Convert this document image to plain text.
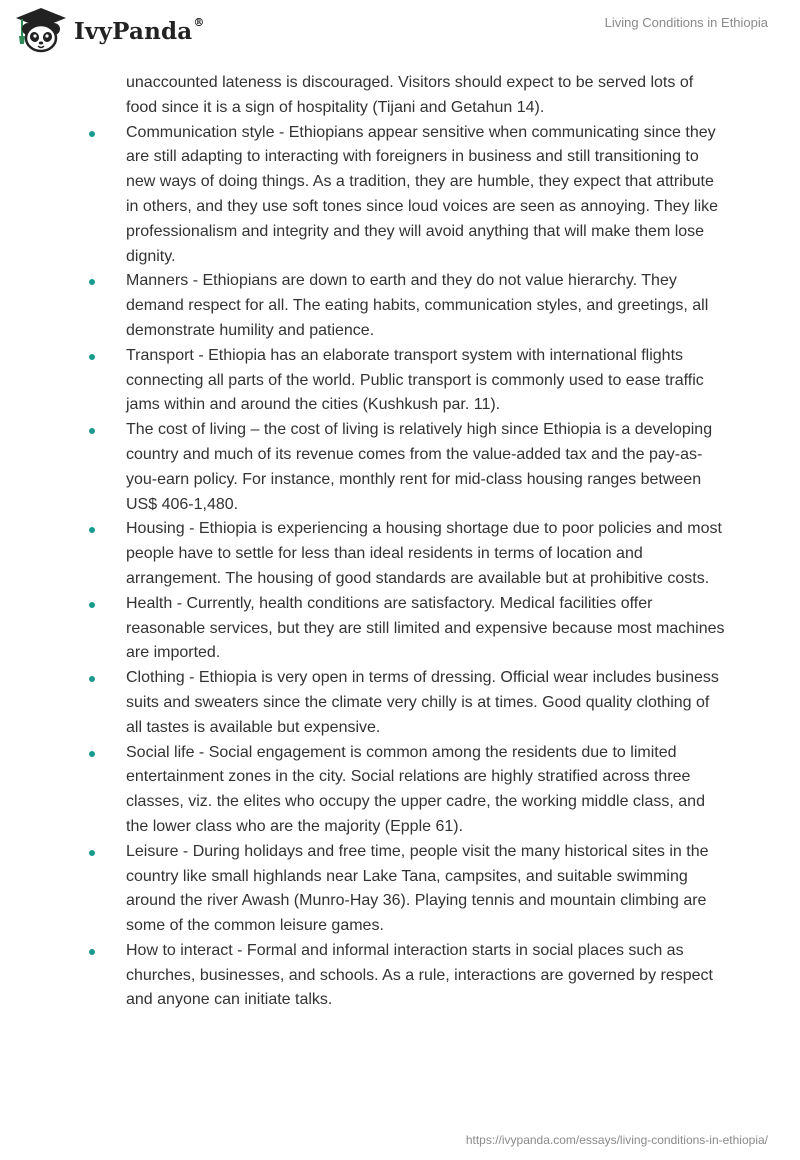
IvyPanda®	Living Conditions in Ethiopia

unaccounted lateness is discouraged. Visitors should expect to be served lots of food since it is a sign of hospitality (Tijani and Getahun 14).

Communication style - Ethiopians appear sensitive when communicating since they are still adapting to interacting with foreigners in business and still transitioning to new ways of doing things. As a tradition, they are humble, they expect that attribute in others, and they use soft tones since loud voices are seen as annoying. They like professionalism and integrity and they will avoid anything that will make them lose dignity.
Manners - Ethiopians are down to earth and they do not value hierarchy. They demand respect for all. The eating habits, communication styles, and greetings, all demonstrate humility and patience.
Transport - Ethiopia has an elaborate transport system with international flights connecting all parts of the world. Public transport is commonly used to ease traffic jams within and around the cities (Kushkush par. 11).
The cost of living – the cost of living is relatively high since Ethiopia is a developing country and much of its revenue comes from the value-added tax and the pay-as-you-earn policy. For instance, monthly rent for mid-class housing ranges between US$ 406-1,480.
Housing - Ethiopia is experiencing a housing shortage due to poor policies and most people have to settle for less than ideal residents in terms of location and arrangement. The housing of good standards are available but at prohibitive costs.
Health - Currently, health conditions are satisfactory. Medical facilities offer reasonable services, but they are still limited and expensive because most machines are imported.
Clothing - Ethiopia is very open in terms of dressing. Official wear includes business suits and sweaters since the climate very chilly is at times. Good quality clothing of all tastes is available but expensive.
Social life - Social engagement is common among the residents due to limited entertainment zones in the city. Social relations are highly stratified across three classes, viz. the elites who occupy the upper cadre, the working middle class, and the lower class who are the majority (Epple 61).
Leisure - During holidays and free time, people visit the many historical sites in the country like small highlands near Lake Tana, campsites, and suitable swimming around the river Awash (Munro-Hay 36). Playing tennis and mountain climbing are some of the common leisure games.
How to interact - Formal and informal interaction starts in social places such as churches, businesses, and schools. As a rule, interactions are governed by respect and anyone can initiate talks.
https://ivypanda.com/essays/living-conditions-in-ethiopia/
